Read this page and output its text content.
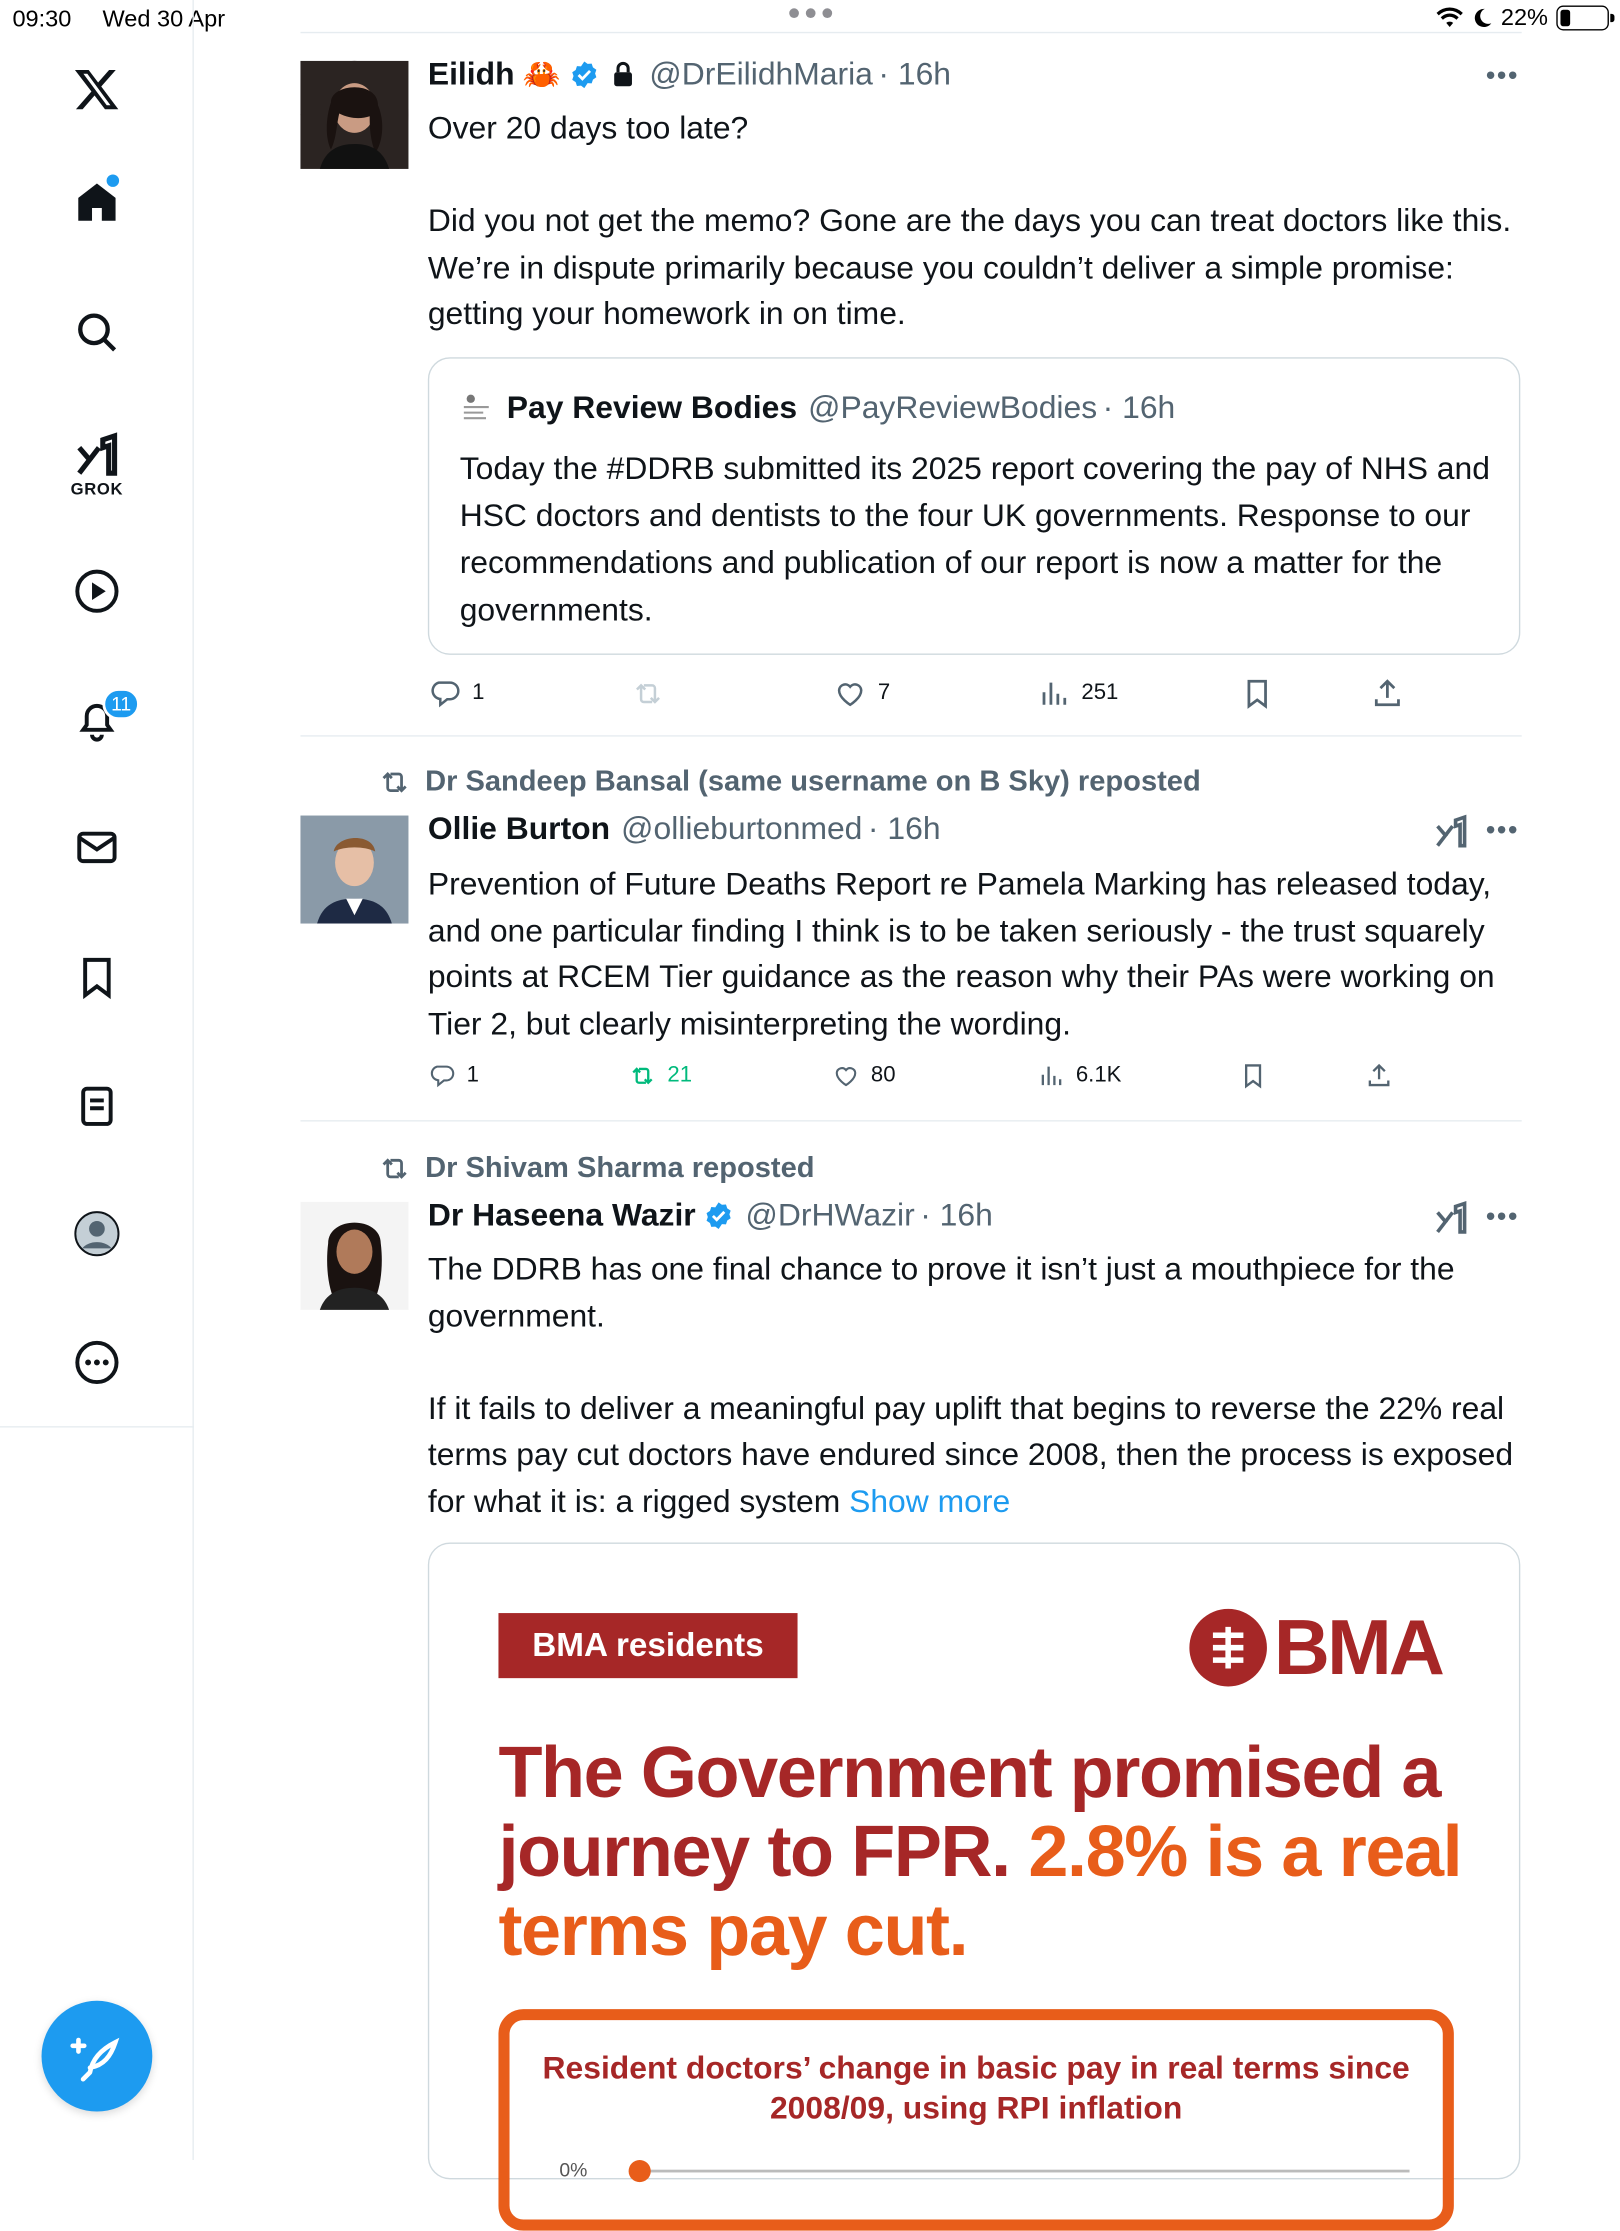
09:30 Wed 30 Apr	22%
GROK
11
Eilidh 🦀	@DrEilidhMaria · 16h	•••
Over 20 days too late?

Did you not get the memo? Gone are the days you can treat doctors like this. We’re in dispute primarily because you couldn’t deliver a simple promise: getting your homework in on time.
Pay Review Bodies @PayReviewBodies · 16h
Today the #DDRB submitted its 2025 report covering the pay of NHS and HSC doctors and dentists to the four UK governments. Response to our recommendations and publication of our report is now a matter for the governments.
1	7	251
Dr Sandeep Bansal (same username on B Sky) reposted
Ollie Burton @ollieburtonmed · 16h	•••
Prevention of Future Deaths Report re Pamela Marking has released today, and one particular finding I think is to be taken seriously - the trust squarely points at RCEM Tier guidance as the reason why their PAs were working on Tier 2, but clearly misinterpreting the wording.
1	21	80	6.1K
Dr Shivam Sharma reposted
Dr Haseena Wazir @DrHWazir · 16h	•••
The DDRB has one final chance to prove it isn’t just a mouthpiece for the government.

If it fails to deliver a meaningful pay uplift that begins to reverse the 22% real terms pay cut doctors have endured since 2008, then the process is exposed for what it is: a rigged system Show more
BMA residents	BMA
The Government promised a journey to FPR. 2.8% is a real terms pay cut.
Resident doctors’ change in basic pay in real terms since 2008/09, using RPI inflation
0%
